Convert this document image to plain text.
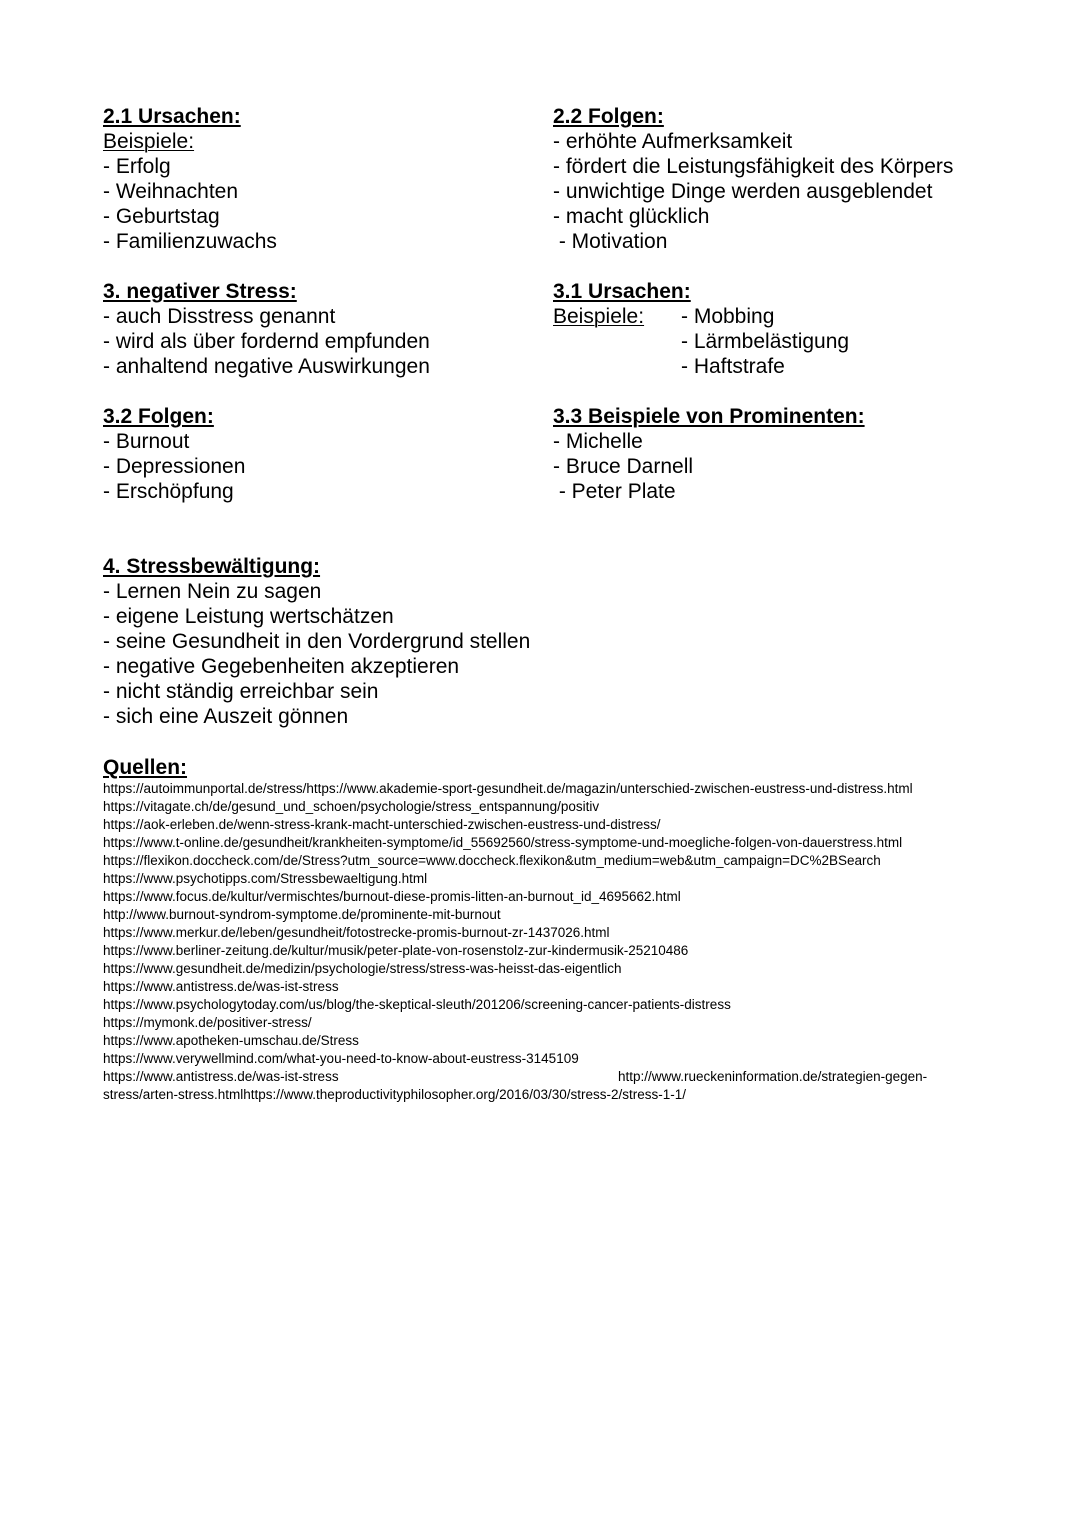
2.1 Ursachen:
Beispiele:
- Erfolg
- Weihnachten
- Geburtstag
- Familienzuwachs
2.2 Folgen:
- erhöhte Aufmerksamkeit
- fördert die Leistungsfähigkeit des Körpers
- unwichtige Dinge werden ausgeblendet
- macht glücklich
- Motivation
3. negativer Stress:
- auch Disstress genannt
- wird als über fordernd empfunden
- anhaltend negative Auswirkungen
3.1 Ursachen:
Beispiele:	- Mobbing
- Lärmbelästigung
- Haftstrafe
3.2 Folgen:
- Burnout
- Depressionen
- Erschöpfung
3.3 Beispiele von Prominenten:
- Michelle
- Bruce Darnell
- Peter Plate
4. Stressbewältigung:
- Lernen Nein zu sagen
- eigene Leistung wertschätzen
- seine Gesundheit in den Vordergrund stellen
- negative Gegebenheiten akzeptieren
- nicht ständig erreichbar sein
- sich eine Auszeit gönnen
Quellen:
https://autoimmunportal.de/stress/https://www.akademie-sport-gesundheit.de/magazin/unterschied-zwischen-eustress-und-distress.html
https://vitagate.ch/de/gesund_und_schoen/psychologie/stress_entspannung/positiv
https://aok-erleben.de/wenn-stress-krank-macht-unterschied-zwischen-eustress-und-distress/
https://www.t-online.de/gesundheit/krankheiten-symptome/id_55692560/stress-symptome-und-moegliche-folgen-von-dauerstress.html
https://flexikon.doccheck.com/de/Stress?utm_source=www.doccheck.flexikon&utm_medium=web&utm_campaign=DC%2BSearch
https://www.psychotipps.com/Stressbewaeltigung.html
https://www.focus.de/kultur/vermischtes/burnout-diese-promis-litten-an-burnout_id_4695662.html
http://www.burnout-syndrom-symptome.de/prominente-mit-burnout
https://www.merkur.de/leben/gesundheit/fotostrecke-promis-burnout-zr-1437026.html
https://www.berliner-zeitung.de/kultur/musik/peter-plate-von-rosenstolz-zur-kindermusik-25210486
https://www.gesundheit.de/medizin/psychologie/stress/stress-was-heisst-das-eigentlich
https://www.antistress.de/was-ist-stress
https://www.psychologytoday.com/us/blog/the-skeptical-sleuth/201206/screening-cancer-patients-distress
https://mymonk.de/positiver-stress/
https://www.apotheken-umschau.de/Stress
https://www.verywellmind.com/what-you-need-to-know-about-eustress-3145109
https://www.antistress.de/was-ist-stress	http://www.rueckeninformation.de/strategien-gegen-
stress/arten-stress.htmlhttps://www.theproductivityphilosopher.org/2016/03/30/stress-2/stress-1-1/
